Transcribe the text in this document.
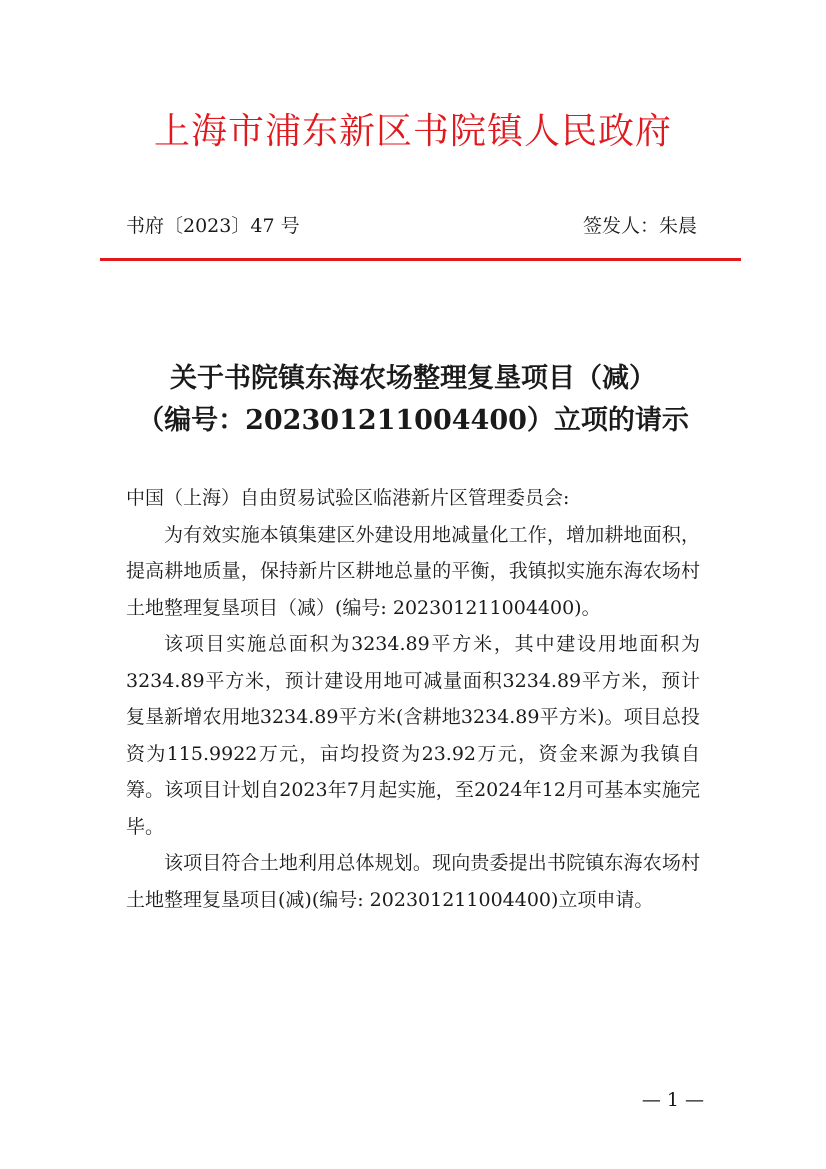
上海市浦东新区书院镇人民政府
书府〔2023〕47 号	签发人：朱晨
关于书院镇东海农场整理复垦项目（减）
（编号：202301211004400）立项的请示

中国（上海）自由贸易试验区临港新片区管理委员会:

为有效实施本镇集建区外建设用地减量化工作，增加耕地面积，提高耕地质量，保持新片区耕地总量的平衡，我镇拟实施东海农场村土地整理复垦项目（减）(编号: 202301211004400)。

该项目实施总面积为3234.89平方米，其中建设用地面积为3234.89平方米，预计建设用地可减量面积3234.89平方米，预计复垦新增农用地3234.89平方米(含耕地3234.89平方米)。项目总投资为115.9922万元，亩均投资为23.92万元，资金来源为我镇自筹。该项目计划自2023年7月起实施，至2024年12月可基本实施完毕。

该项目符合土地利用总体规划。现向贵委提出书院镇东海农场村土地整理复垦项目(减)(编号: 202301211004400)立项申请。

— 1 —
